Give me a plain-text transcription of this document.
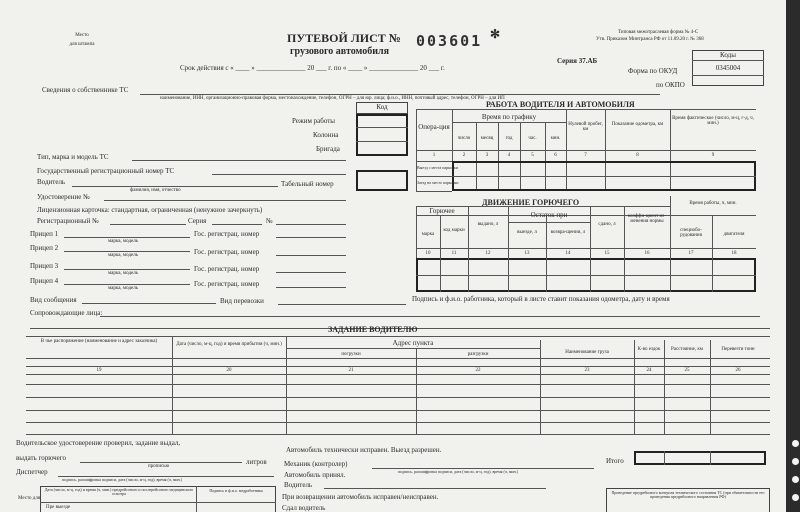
Место
для штампа	ПУТЕВОЙ ЛИСТ №
грузового автомобиля
003601 ✻	Типовая межотраслевая форма № 4-С
Утв. Приказом Минтранса РФ от 11.09.20 г. № 368
Срок действия с « ____ » ______________ 20 ___ г. по « ____ » ______________ 20 ___ г.
Серия 37.АБ
Коды
0345004
Форма по ОКУД
по ОКПО
Сведения о собственнике ТС
наименование, ИНН, организационно-правовая форма, местонахождение, телефон, ОГРН – для юр. лица; ф.и.о., ИНН, почтовый адрес, телефон, ОГРН – для ИП
Код
Режим работы
Колонна
Бригада
Тип, марка и модель ТС
Государственный регистрационный номер ТС
Водитель
фамилия, имя, отчество
Табельный номер
Удостоверение №
Лицензионная карточка: стандартная, ограниченная (ненужное зачеркнуть)
Регистрационный №	Серия	№
Прицеп 1
марка, модель
Гос. регистрац. номер
Прицеп 2
марка, модель	Гос. регистрац. номер
Прицеп 3
марка, модель
Гос. регистрац. номер
Прицеп 4
марка, модель
Гос. регистрац. номер
Вид сообщения	Вид перевозки
Сопровождающие лица:
РАБОТА ВОДИТЕЛЯ И АВТОМОБИЛЯ
Опера-ция
Время по графику
число	месяц	год	час.	мин.
Нулевой пробег, км
Показание одометра, км
Время фактическое (число, м-ц, г-д, ч, мин.)
1	2	3	4	5	6	7	8	9
Выезд с места парковки
Заезд на место парковки
ДВИЖЕНИЕ ГОРЮЧЕГО
Горючее
марка
код марки
выдано, л
Остаток при
выезде, л	возвра-щении, л
сдано, л
коэффи-циент из-менения нормы
Время работы, ч, мин.
специобо-рудования	двигателя
10	11	12	13	14	15	16	17	18
Подпись и ф.и.о. работника, который в листе ставит показания одометра, дату и время
ЗАДАНИЕ ВОДИТЕЛЮ
В чье распоряжение (наименование и адрес заказчика)
Дата (число, м-ц, год) и время прибытия (ч, мин.)	Адрес пункта
погрузки	разгрузки	Наименование груза
К-во ездок	Расстояние, км	Перевезти тонн
19	20	21	22	23	24	25	26
Водительское удостоверение проверил, задание выдал,
Автомобиль технически исправен. Выезд разрешен.
выдать горючего
прописью
литров Механик (контролер)
подпись, расшифровка подписи, дата (число, м-ц, год), время (ч, мин.)
Итого
Диспетчер
подпись, расшифровка подписи, дата (число, м-ц, год), время (ч, мин.)
Автомобиль принял.
Водитель
При возвращении автомобиль исправен/неисправен.
Сдал водитель
Место для
Дата (число, м-ц, год) и время (ч, мин.) предрейсового и послерейсового медицинского осмотра
Подпись и ф.и.о. медработника
Пре выезде
Проведение предрейсового контроля технического состояния ТС (при обязательности его проведения предрейсового направления РФ)
